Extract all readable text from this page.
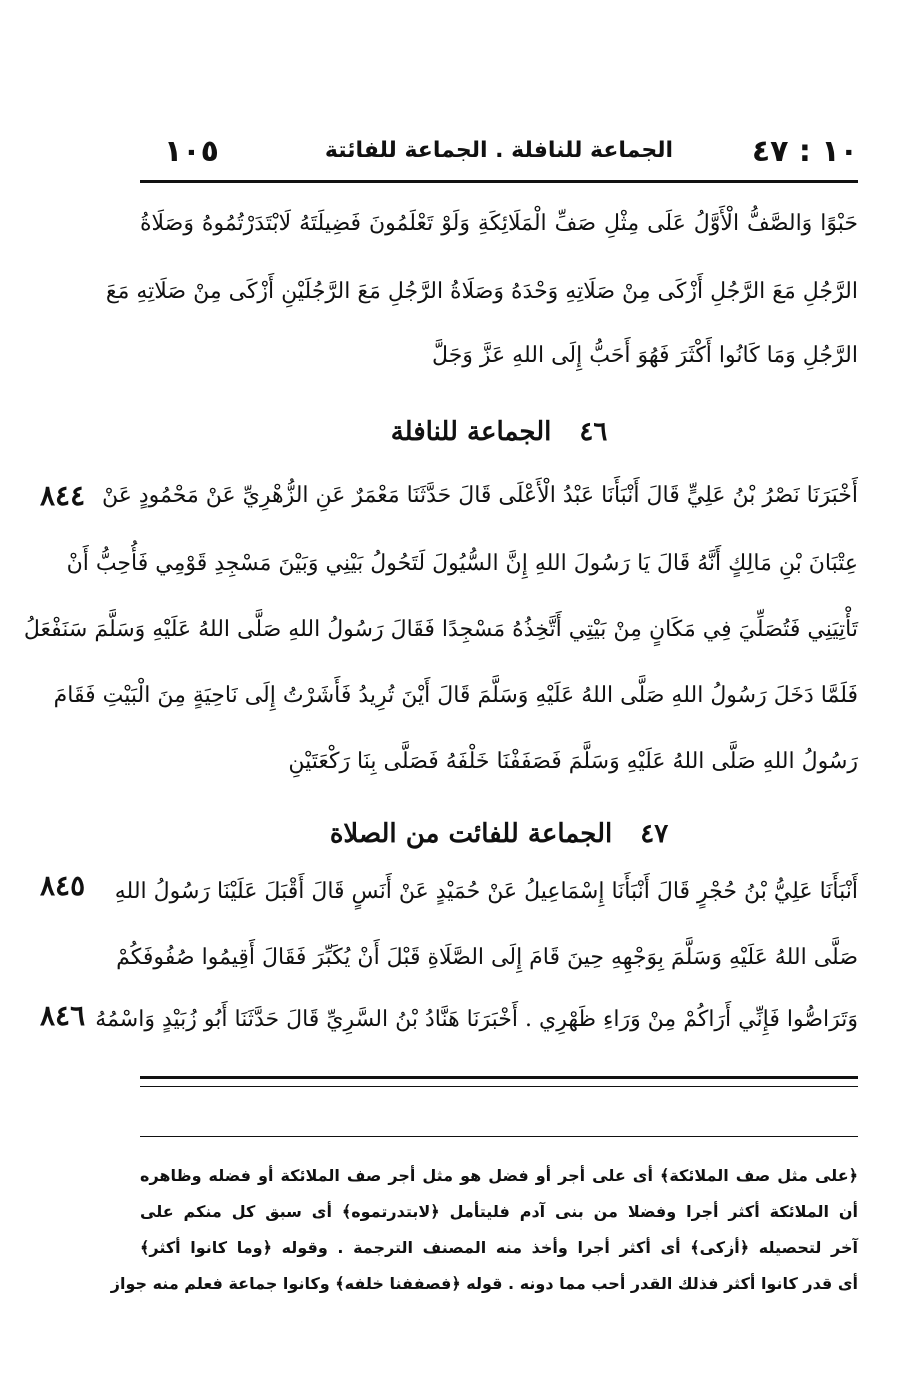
١٠ : ٤٧
الجماعة للنافلة . الجماعة للفائتة
١٠٥
حَبْوًا وَالصَّفُّ الْأَوَّلُ عَلَى مِثْلِ صَفِّ الْمَلَائِكَةِ وَلَوْ تَعْلَمُونَ فَضِيلَتَهُ لَابْتَدَرْتُمُوهُ وَصَلَاةُ
الرَّجُلِ مَعَ الرَّجُلِ أَزْكَى مِنْ صَلَاتِهِ وَحْدَهُ وَصَلَاةُ الرَّجُلِ مَعَ الرَّجُلَيْنِ أَزْكَى مِنْ صَلَاتِهِ مَعَ
الرَّجُلِ وَمَا كَانُوا أَكْثَرَ فَهُوَ أَحَبُّ إِلَى اللهِ عَزَّ وَجَلَّ
٤٦الجماعة للنافلة
٨٤٤ أَخْبَرَنَا نَصْرُ بْنُ عَلِيٍّ قَالَ أَنْبَأَنَا عَبْدُ الْأَعْلَى قَالَ حَدَّثَنَا مَعْمَرٌ عَنِ الزُّهْرِيِّ عَنْ مَحْمُودٍ عَنْ
عِتْبَانَ بْنِ مَالِكٍ أَنَّهُ قَالَ يَا رَسُولَ اللهِ إِنَّ السُّيُولَ لَتَحُولُ بَيْنِي وَبَيْنَ مَسْجِدِ قَوْمِي فَأُحِبُّ أَنْ
تَأْتِيَنِي فَتُصَلِّيَ فِي مَكَانٍ مِنْ بَيْتِي أَتَّخِذُهُ مَسْجِدًا فَقَالَ رَسُولُ اللهِ صَلَّى اللهُ عَلَيْهِ وَسَلَّمَ سَنَفْعَلُ
فَلَمَّا دَخَلَ رَسُولُ اللهِ صَلَّى اللهُ عَلَيْهِ وَسَلَّمَ قَالَ أَيْنَ تُرِيدُ فَأَشَرْتُ إِلَى نَاحِيَةٍ مِنَ الْبَيْتِ فَقَامَ
رَسُولُ اللهِ صَلَّى اللهُ عَلَيْهِ وَسَلَّمَ فَصَفَفْنَا خَلْفَهُ فَصَلَّى بِنَا رَكْعَتَيْنِ
٤٧الجماعة للفائت من الصلاة
٨٤٥	أَنْبَأَنَا عَلِيُّ بْنُ حُجْرٍ قَالَ أَنْبَأَنَا إِسْمَاعِيلُ عَنْ حُمَيْدٍ عَنْ أَنَسٍ قَالَ أَقْبَلَ عَلَيْنَا رَسُولُ اللهِ
صَلَّى اللهُ عَلَيْهِ وَسَلَّمَ بِوَجْهِهِ حِينَ قَامَ إِلَى الصَّلَاةِ قَبْلَ أَنْ يُكَبِّرَ فَقَالَ أَقِيمُوا صُفُوفَكُمْ
٨٤٦ وَتَرَاصُّوا فَإِنِّي أَرَاكُمْ مِنْ وَرَاءِ ظَهْرِي . أَخْبَرَنَا هَنَّادُ بْنُ السَّرِيِّ قَالَ حَدَّثَنَا أَبُو زُبَيْدٍ وَاسْمُهُ
﴿على مثل صف الملائكة﴾ أى على أجر أو فضل هو مثل أجر صف الملائكة أو فضله وظاهره
أن الملائكة أكثر أجرا وفضلا من بنى آدم فليتأمل ﴿لابتدرتموه﴾ أى سبق كل منكم على
آخر لتحصيله ﴿أزكى﴾ أى أكثر أجرا وأخذ منه المصنف الترجمة . وقوله ﴿وما كانوا أكثر﴾
أى قدر كانوا أكثر فذلك القدر أحب مما دونه . قوله ﴿فصففنا خلفه﴾ وكانوا جماعة فعلم منه جواز
